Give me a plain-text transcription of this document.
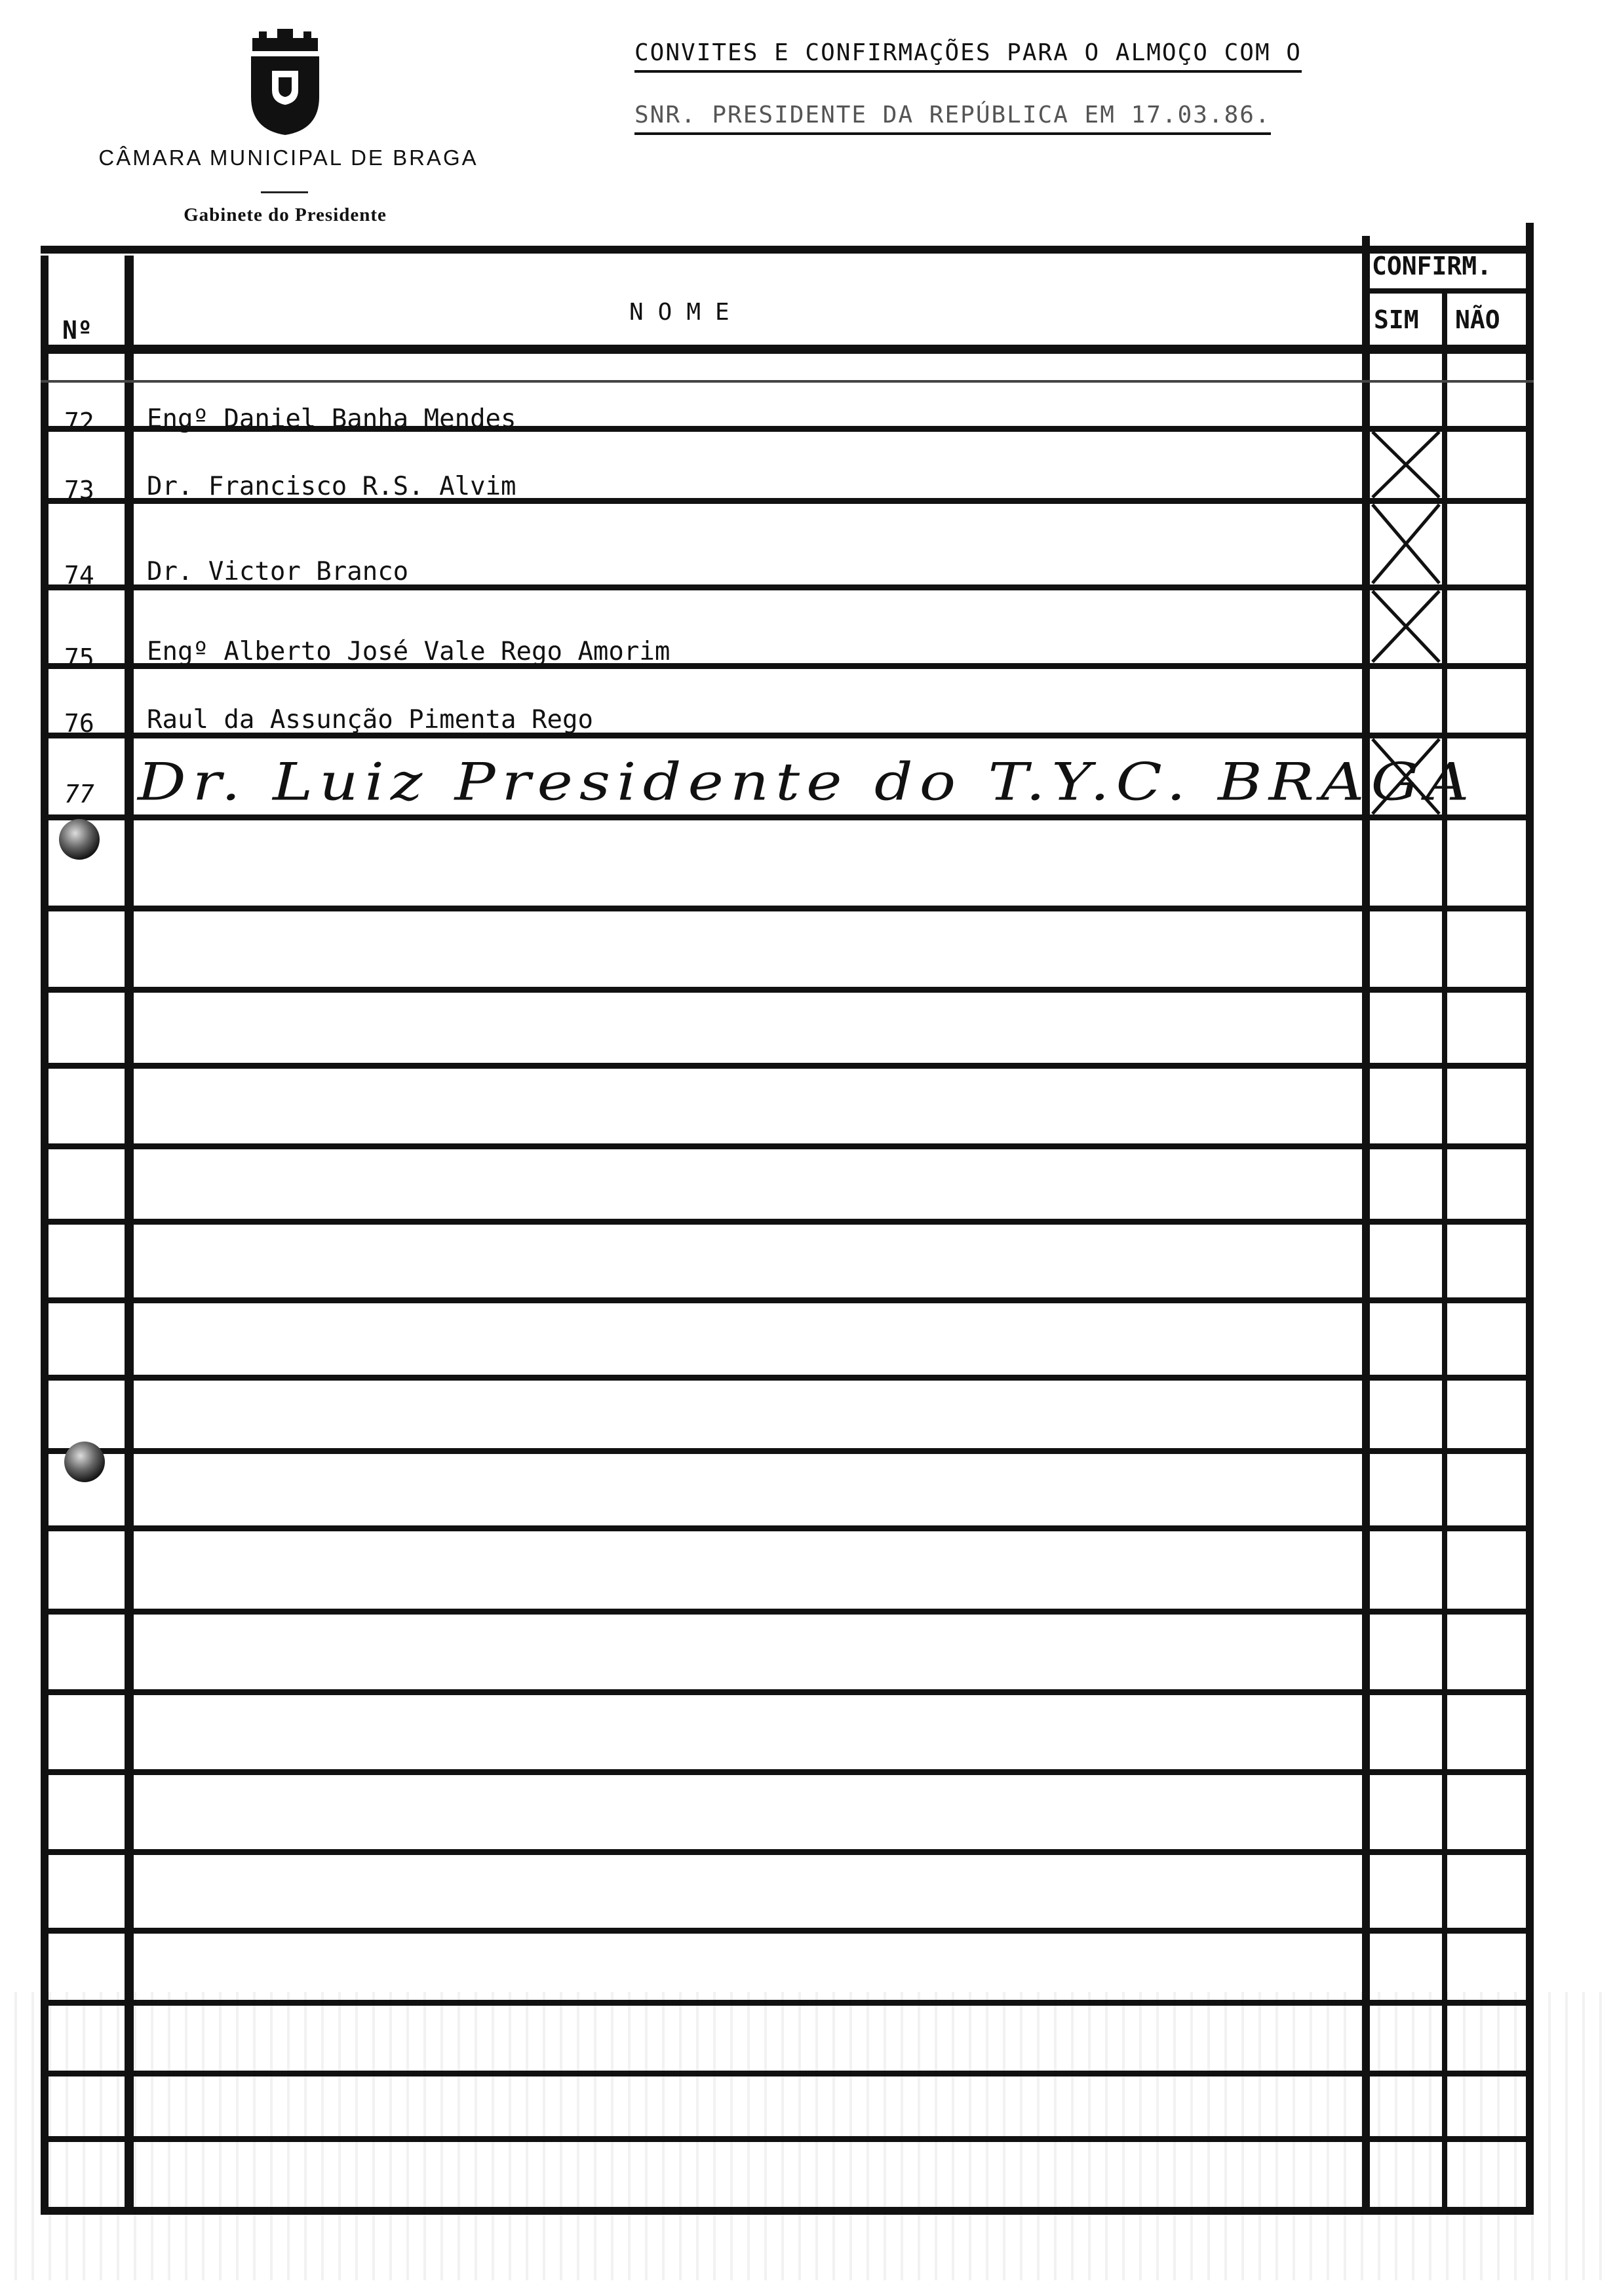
CÂMARA MUNICIPAL DE BRAGA
Gabinete do Presidente
CONVITES E CONFIRMAÇÕES PARA O ALMOÇO COM O
SNR. PRESIDENTE DA REPÚBLICA EM 17.03.86.
Nº
NOME
CONFIRM.
SIM NÃO
72 Engº Daniel Banha Mendes
73 Dr. Francisco R.S. Alvim
74 Dr. Victor Branco
75 Engº Alberto José Vale Rego Amorim
76 Raul da Assunção Pimenta Rego
77 Dr. Luiz Presidente do T.Y.C. BRAGA
